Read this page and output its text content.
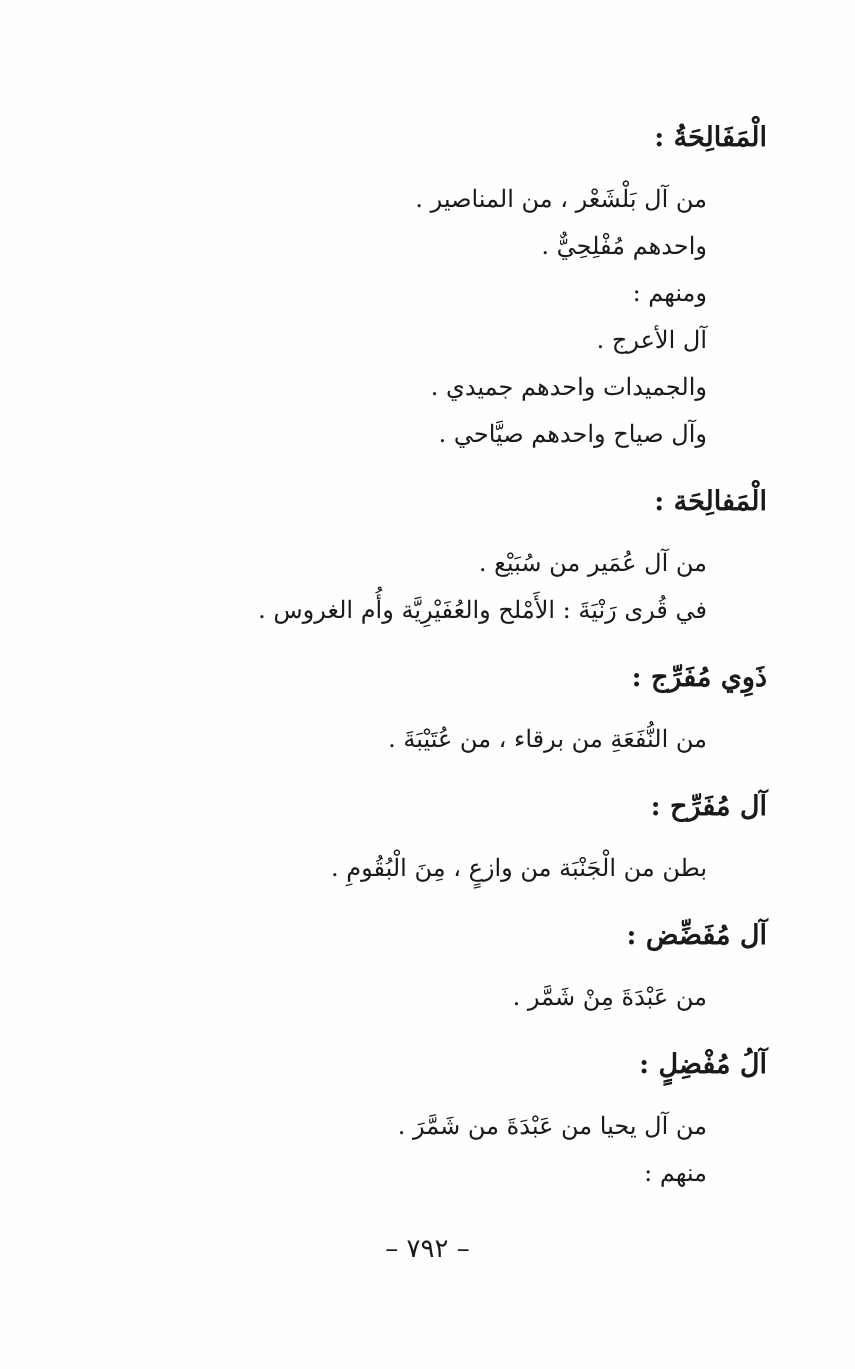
الْمَفَالِحَةُ :
من آل بَلْشَعْر ، من المناصير .
واحدهم مُفْلِحِيٌّ .
ومنهم :
آل الأعرج .
والجميدات واحدهم جميدي .
وآل صياح واحدهم صيَّاحي .
الْمَفالِحَة :
من آل عُمَير من سُبَيْع .
في قُرى رَنْيَةَ : الأَمْلح والعُفَيْرِيَّة وأُم الغروس .
ذَوِي مُفَرِّج :
من النُّفَعَةِ من برقاء ، من عُتَيْبَةَ .
آل مُفَرِّح :
بطن من الْجَنْبَة من وازعٍ ، مِنَ الْبُقُومِ .
آل مُفَضِّض :
من عَبْدَةَ مِنْ شَمَّر .
آلُ مُفْضِلٍ :
من آل يحيا من عَبْدَةَ من شَمَّرَ .
منهم :
– ٧٩٢ –
